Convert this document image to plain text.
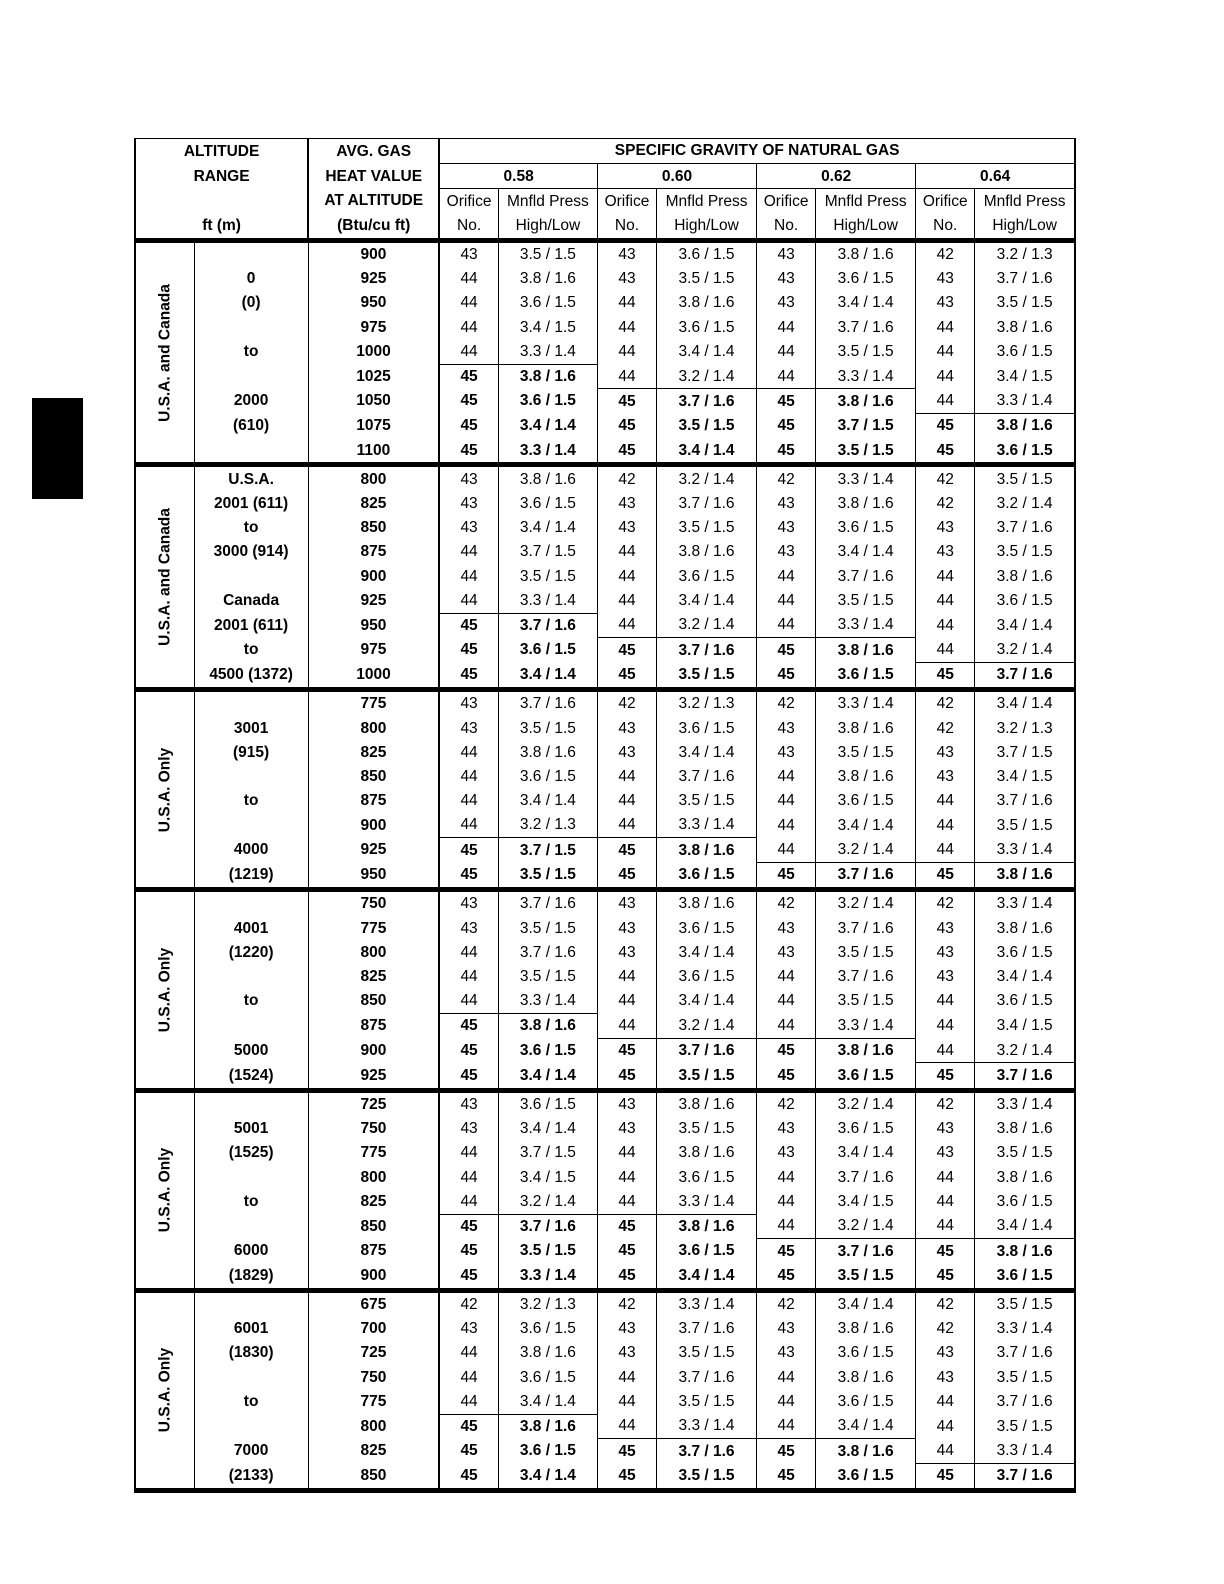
ALTITUDE		AVG. GAS	SPECIFIC GRAVITY OF NATURAL GAS							
RANGE		HEAT VALUE	0.58		0.60		0.62		0.64	
		AT ALTITUDE	Orifice	Mnfld Press	Orifice	Mnfld Press	Orifice	Mnfld Press	Orifice	Mnfld Press
ft (m)		(Btu/cu ft)	No.	High/Low	No.	High/Low	No.	High/Low	No.	High/Low

U.S.A. and Canada		900	43	3.5 / 1.5	43	3.6 / 1.5	43	3.8 / 1.6	42	3.2 / 1.3
	0	925	44	3.8 / 1.6	43	3.5 / 1.5	43	3.6 / 1.5	43	3.7 / 1.6
	(0)	950	44	3.6 / 1.5	44	3.8 / 1.6	43	3.4 / 1.4	43	3.5 / 1.5
		975	44	3.4 / 1.5	44	3.6 / 1.5	44	3.7 / 1.6	44	3.8 / 1.6
	to	1000	44	3.3 / 1.4	44	3.4 / 1.4	44	3.5 / 1.5	44	3.6 / 1.5
		1025	45	3.8 / 1.6	44	3.2 / 1.4	44	3.3 / 1.4	44	3.4 / 1.5
	2000	1050	45	3.6 / 1.5	45	3.7 / 1.6	45	3.8 / 1.6	44	3.3 / 1.4
	(610)	1075	45	3.4 / 1.4	45	3.5 / 1.5	45	3.7 / 1.5	45	3.8 / 1.6
		1100	45	3.3 / 1.4	45	3.4 / 1.4	45	3.5 / 1.5	45	3.6 / 1.5

U.S.A. and Canada	U.S.A.	800	43	3.8 / 1.6	42	3.2 / 1.4	42	3.3 / 1.4	42	3.5 / 1.5
	2001 (611)	825	43	3.6 / 1.5	43	3.7 / 1.6	43	3.8 / 1.6	42	3.2 / 1.4
	to	850	43	3.4 / 1.4	43	3.5 / 1.5	43	3.6 / 1.5	43	3.7 / 1.6
	3000 (914)	875	44	3.7 / 1.5	44	3.8 / 1.6	43	3.4 / 1.4	43	3.5 / 1.5
		900	44	3.5 / 1.5	44	3.6 / 1.5	44	3.7 / 1.6	44	3.8 / 1.6
	Canada	925	44	3.3 / 1.4	44	3.4 / 1.4	44	3.5 / 1.5	44	3.6 / 1.5
	2001 (611)	950	45	3.7 / 1.6	44	3.2 / 1.4	44	3.3 / 1.4	44	3.4 / 1.4
	to	975	45	3.6 / 1.5	45	3.7 / 1.6	45	3.8 / 1.6	44	3.2 / 1.4
	4500 (1372)	1000	45	3.4 / 1.4	45	3.5 / 1.5	45	3.6 / 1.5	45	3.7 / 1.6

U.S.A. Only		775	43	3.7 / 1.6	42	3.2 / 1.3	42	3.3 / 1.4	42	3.4 / 1.4
	3001	800	43	3.5 / 1.5	43	3.6 / 1.5	43	3.8 / 1.6	42	3.2 / 1.3
	(915)	825	44	3.8 / 1.6	43	3.4 / 1.4	43	3.5 / 1.5	43	3.7 / 1.5
		850	44	3.6 / 1.5	44	3.7 / 1.6	44	3.8 / 1.6	43	3.4 / 1.5
	to	875	44	3.4 / 1.4	44	3.5 / 1.5	44	3.6 / 1.5	44	3.7 / 1.6
		900	44	3.2 / 1.3	44	3.3 / 1.4	44	3.4 / 1.4	44	3.5 / 1.5
	4000	925	45	3.7 / 1.5	45	3.8 / 1.6	44	3.2 / 1.4	44	3.3 / 1.4
	(1219)	950	45	3.5 / 1.5	45	3.6 / 1.5	45	3.7 / 1.6	45	3.8 / 1.6

U.S.A. Only		750	43	3.7 / 1.6	43	3.8 / 1.6	42	3.2 / 1.4	42	3.3 / 1.4
	4001	775	43	3.5 / 1.5	43	3.6 / 1.5	43	3.7 / 1.6	43	3.8 / 1.6
	(1220)	800	44	3.7 / 1.6	43	3.4 / 1.4	43	3.5 / 1.5	43	3.6 / 1.5
		825	44	3.5 / 1.5	44	3.6 / 1.5	44	3.7 / 1.6	43	3.4 / 1.4
	to	850	44	3.3 / 1.4	44	3.4 / 1.4	44	3.5 / 1.5	44	3.6 / 1.5
		875	45	3.8 / 1.6	44	3.2 / 1.4	44	3.3 / 1.4	44	3.4 / 1.5
	5000	900	45	3.6 / 1.5	45	3.7 / 1.6	45	3.8 / 1.6	44	3.2 / 1.4
	(1524)	925	45	3.4 / 1.4	45	3.5 / 1.5	45	3.6 / 1.5	45	3.7 / 1.6

U.S.A. Only		725	43	3.6 / 1.5	43	3.8 / 1.6	42	3.2 / 1.4	42	3.3 / 1.4
	5001	750	43	3.4 / 1.4	43	3.5 / 1.5	43	3.6 / 1.5	43	3.8 / 1.6
	(1525)	775	44	3.7 / 1.5	44	3.8 / 1.6	43	3.4 / 1.4	43	3.5 / 1.5
		800	44	3.4 / 1.5	44	3.6 / 1.5	44	3.7 / 1.6	44	3.8 / 1.6
	to	825	44	3.2 / 1.4	44	3.3 / 1.4	44	3.4 / 1.5	44	3.6 / 1.5
		850	45	3.7 / 1.6	45	3.8 / 1.6	44	3.2 / 1.4	44	3.4 / 1.4
	6000	875	45	3.5 / 1.5	45	3.6 / 1.5	45	3.7 / 1.6	45	3.8 / 1.6
	(1829)	900	45	3.3 / 1.4	45	3.4 / 1.4	45	3.5 / 1.5	45	3.6 / 1.5

U.S.A. Only		675	42	3.2 / 1.3	42	3.3 / 1.4	42	3.4 / 1.4	42	3.5 / 1.5
	6001	700	43	3.6 / 1.5	43	3.7 / 1.6	43	3.8 / 1.6	42	3.3 / 1.4
	(1830)	725	44	3.8 / 1.6	43	3.5 / 1.5	43	3.6 / 1.5	43	3.7 / 1.6
		750	44	3.6 / 1.5	44	3.7 / 1.6	44	3.8 / 1.6	43	3.5 / 1.5
	to	775	44	3.4 / 1.4	44	3.5 / 1.5	44	3.6 / 1.5	44	3.7 / 1.6
		800	45	3.8 / 1.6	44	3.3 / 1.4	44	3.4 / 1.4	44	3.5 / 1.5
	7000	825	45	3.6 / 1.5	45	3.7 / 1.6	45	3.8 / 1.6	44	3.3 / 1.4
	(2133)	850	45	3.4 / 1.4	45	3.5 / 1.5	45	3.6 / 1.5	45	3.7 / 1.6
